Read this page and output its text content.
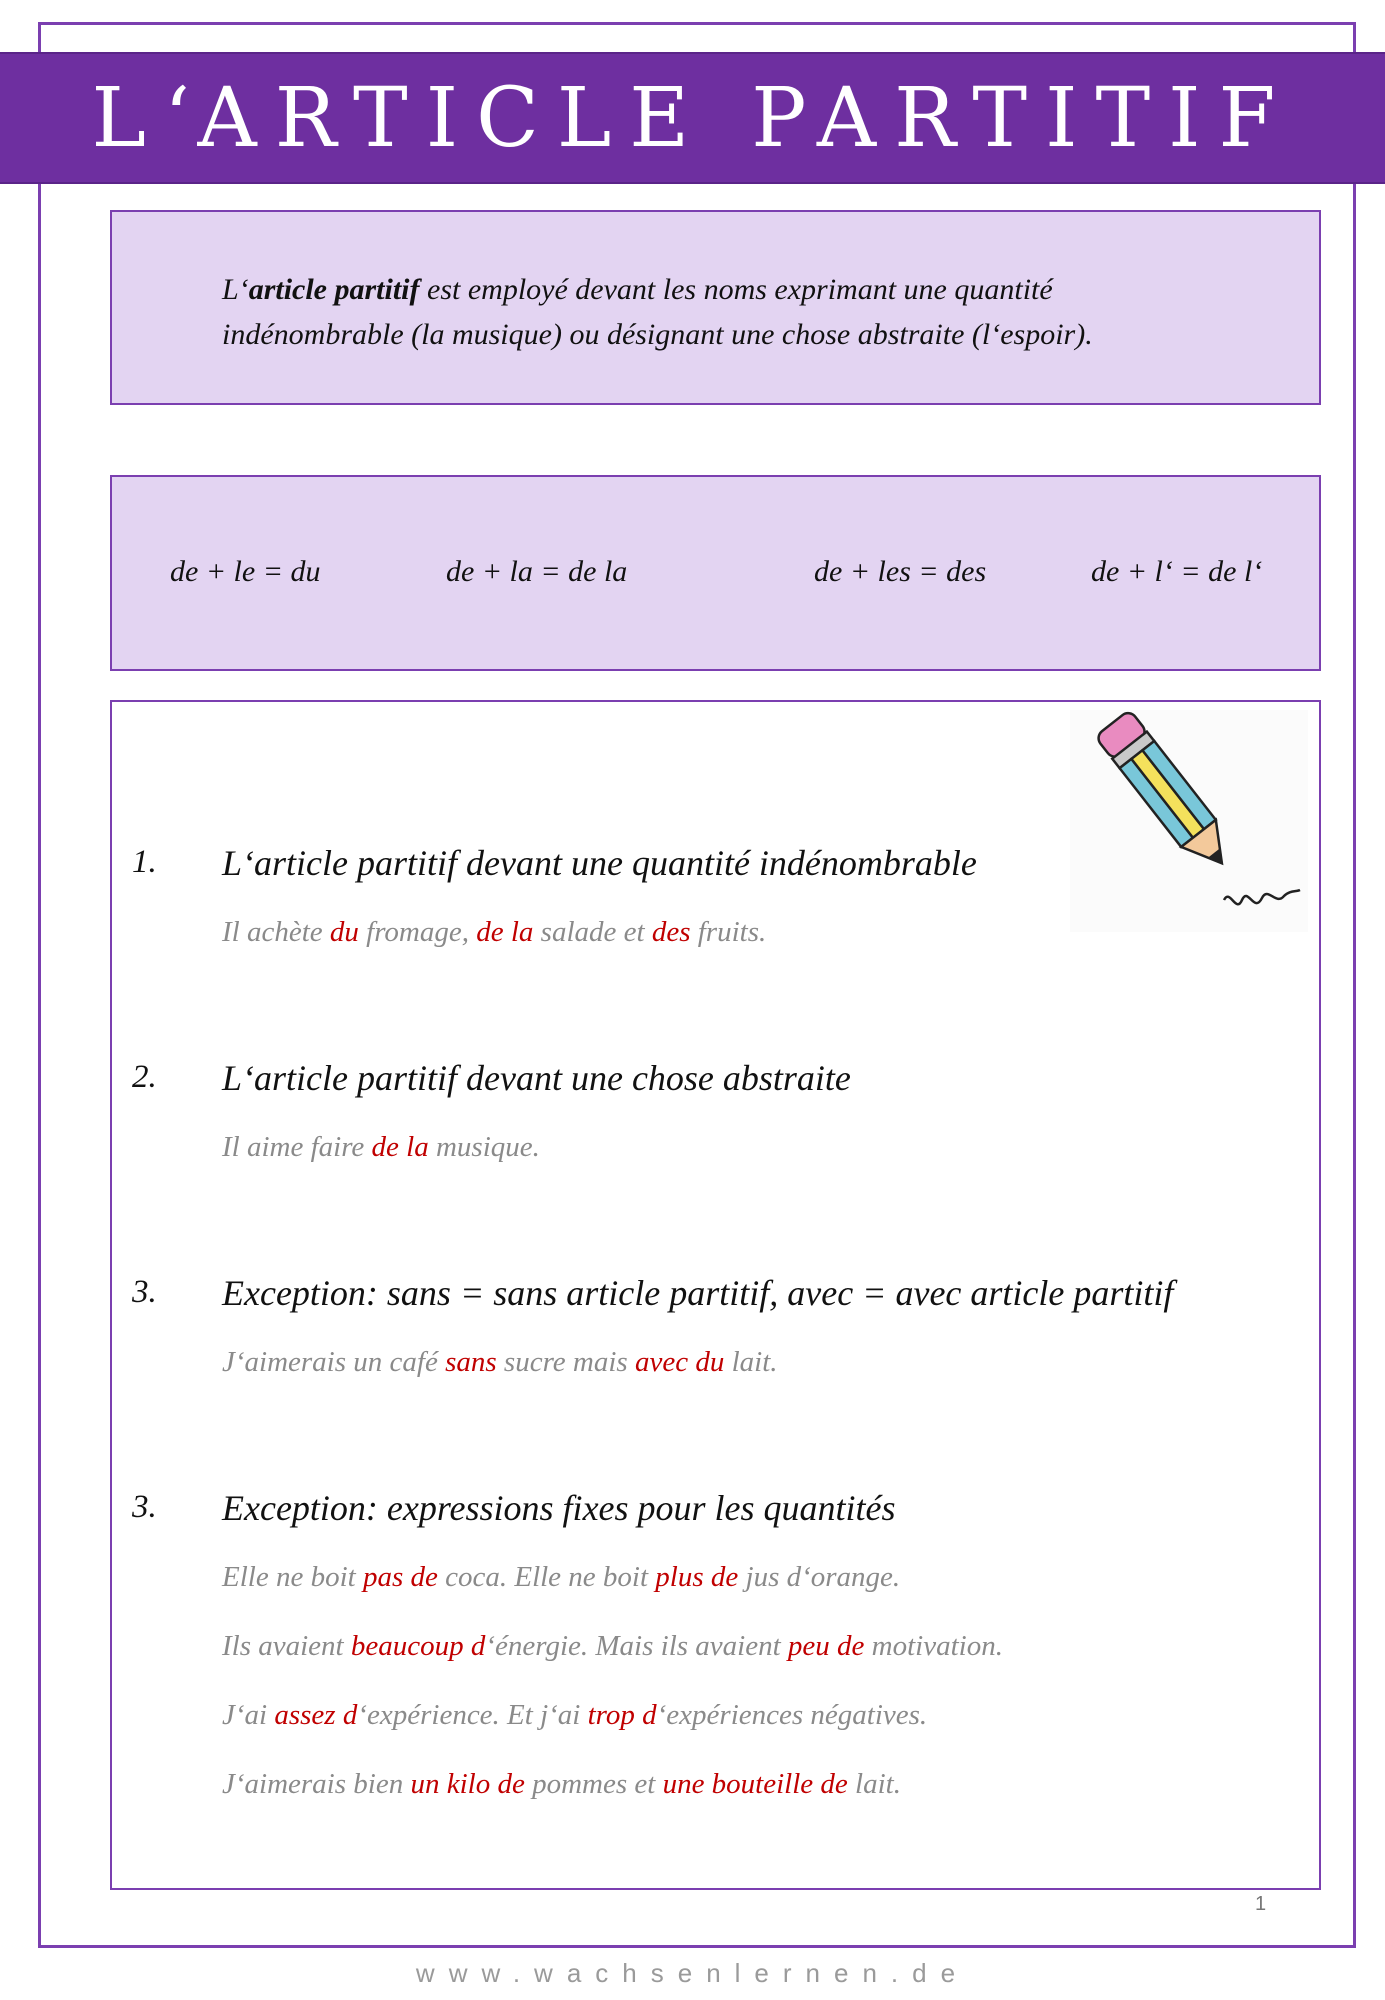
L‘ARTICLE PARTITIF
L‘article partitif est employé devant les noms exprimant une quantité
indénombrable (la musique) ou désignant une chose abstraite (l‘espoir).
de + le = du	de + la = de la	de + les = des	de + l‘ = de l‘
1. L‘article partitif devant une quantité indénombrable
Il achète du fromage, de la salade et des fruits.
2. L‘article partitif devant une chose abstraite
Il aime faire de la musique.
3. Exception: sans = sans article partitif, avec = avec article partitif
J‘aimerais un café sans sucre mais avec du lait.
3. Exception: expressions fixes pour les quantités
Elle ne boit pas de coca. Elle ne boit plus de jus d‘orange.
Ils avaient beaucoup d‘énergie. Mais ils avaient peu de motivation.
J‘ai assez d‘expérience. Et j‘ai trop d‘expériences négatives.
J‘aimerais bien un kilo de pommes et une bouteille de lait.
1
www.wachsenlernen.de
